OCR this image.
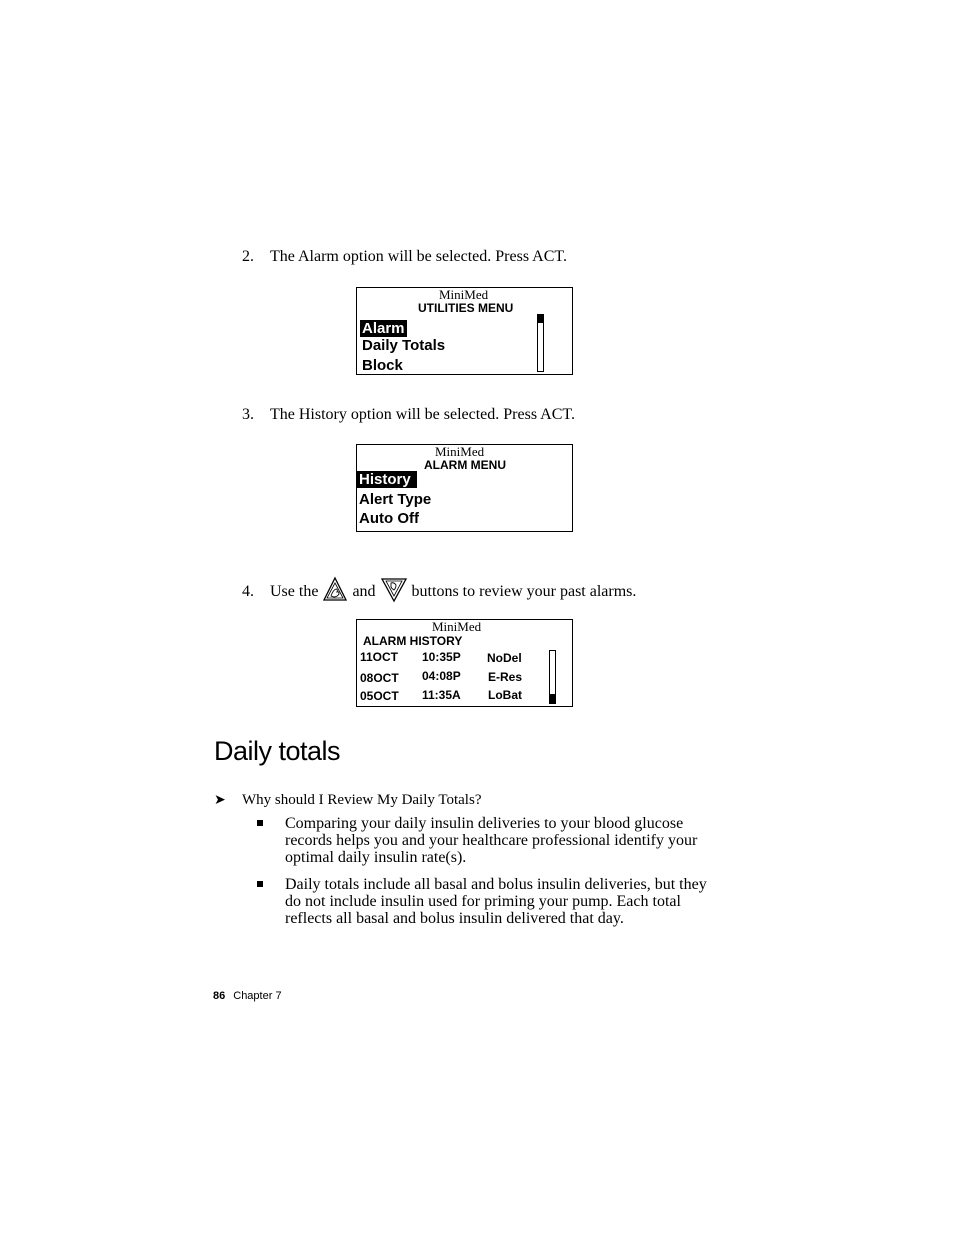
2. The Alarm option will be selected. Press ACT.
MiniMed
UTILITIES MENU
Alarm
Daily Totals
Block
3. The History option will be selected. Press ACT.
MiniMed
ALARM MENU
History
Alert Type
Auto Off
4. Use the and buttons to review your past alarms.
MiniMed
ALARM HISTORY
11OCT 10:35P NoDel
08OCT 04:08P E-Res
05OCT 11:35A LoBat
Daily totals
➤ Why should I Review My Daily Totals?
Comparing your daily insulin deliveries to your blood glucose records helps you and your healthcare professional identify your optimal daily insulin rate(s).
Daily totals include all basal and bolus insulin deliveries, but they do not include insulin used for priming your pump. Each total reflects all basal and bolus insulin delivered that day.
86 Chapter 7
